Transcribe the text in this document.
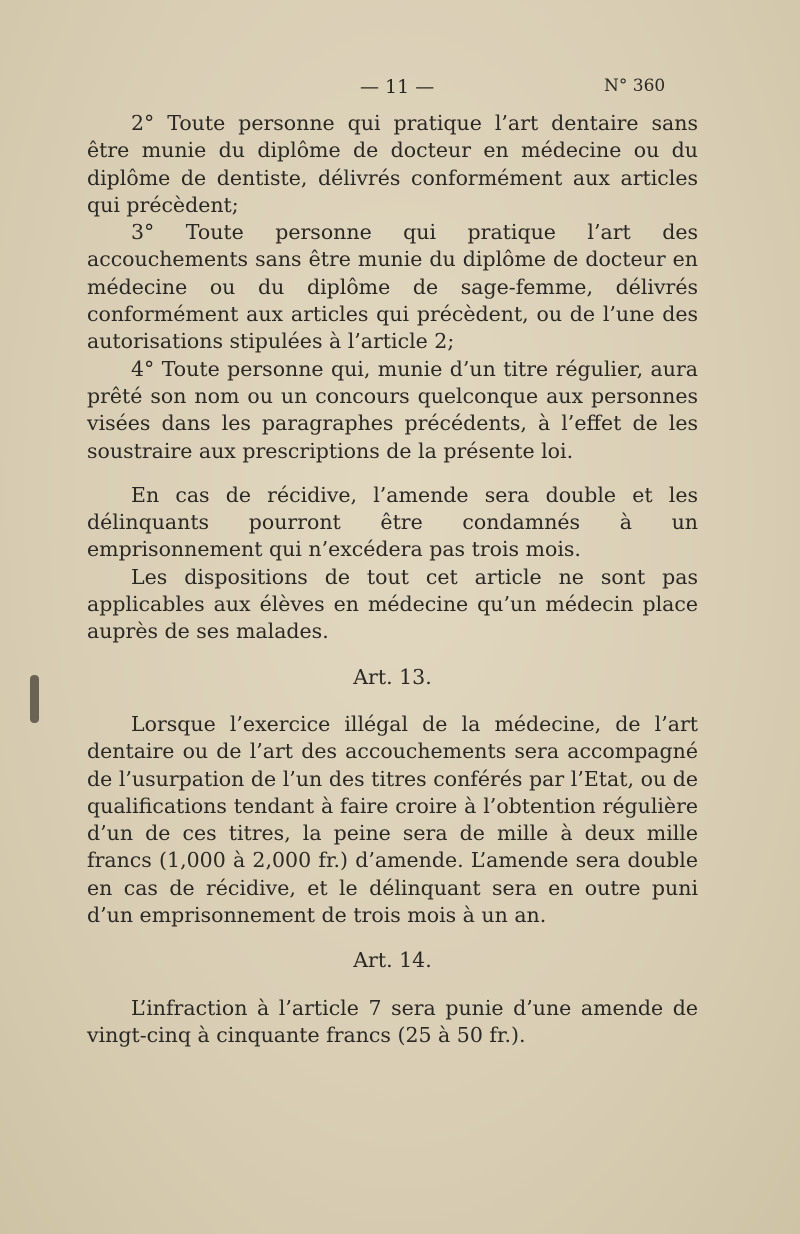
— 11 —	N° 360

2° Toute personne qui pratique l’art dentaire sans être munie du diplôme de docteur en médecine ou du diplôme de dentiste, délivrés conformément aux articles qui précèdent;

3° Toute personne qui pratique l’art des accouchements sans être munie du diplôme de docteur en médecine ou du diplôme de sage-femme, délivrés conformément aux articles qui précèdent, ou de l’une des autorisations stipulées à l’article 2;

4° Toute personne qui, munie d’un titre régulier, aura prêté son nom ou un concours quelconque aux personnes visées dans les paragraphes précédents, à l’effet de les soustraire aux prescriptions de la présente loi.

En cas de récidive, l’amende sera double et les délinquants pourront être condamnés à un emprisonnement qui n’excédera pas trois mois.

Les dispositions de tout cet article ne sont pas applicables aux élèves en médecine qu’un médecin place auprès de ses malades.

Art. 13.

Lorsque l’exercice illégal de la médecine, de l’art dentaire ou de l’art des accouchements sera accompagné de l’usurpation de l’un des titres conférés par l’Etat, ou de qualifications tendant à faire croire à l’obtention régulière d’un de ces titres, la peine sera de mille à deux mille francs (1,000 à 2,000 fr.) d’amende. L’amende sera double en cas de récidive, et le délinquant sera en outre puni d’un emprisonnement de trois mois à un an.

Art. 14.

L’infraction à l’article 7 sera punie d’une amende de vingt-cinq à cinquante francs (25 à 50 fr.).
